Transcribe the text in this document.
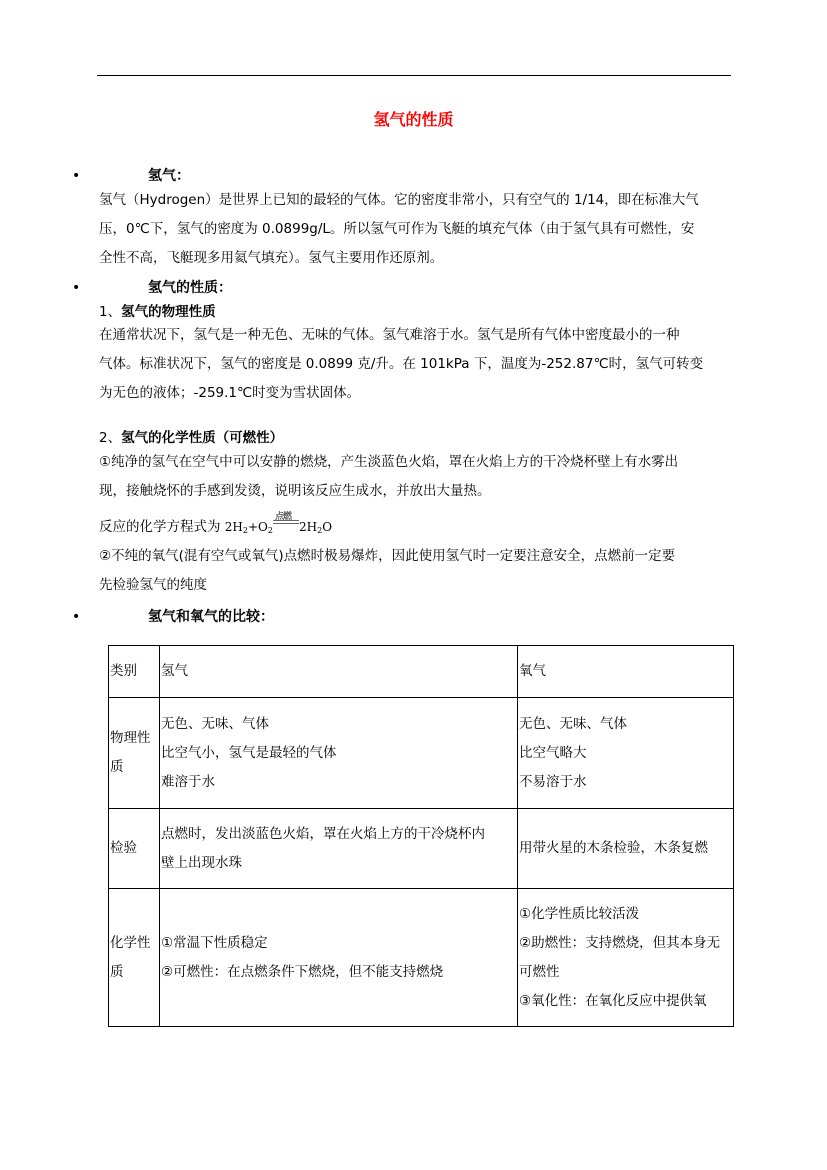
氢气的性质
•	氢气：
氢气（Hydrogen）是世界上已知的最轻的气体。它的密度非常小，只有空气的 1/14，即在标准大气
压，0℃下，氢气的密度为 0.0899g/L。所以氢气可作为飞艇的填充气体（由于氢气具有可燃性，安
全性不高，飞艇现多用氦气填充）。氢气主要用作还原剂。
•	氢气的性质：
1、氢气的物理性质
在通常状况下，氢气是一种无色、无味的气体。氢气难溶于水。氢气是所有气体中密度最小的一种
气体。标准状况下，氢气的密度是 0.0899 克/升。在 101kPa 下，温度为-252.87℃时，氢气可转变
为无色的液体；-259.1℃时变为雪状固体。
2、氢气的化学性质（可燃性）
①纯净的氢气在空气中可以安静的燃烧，产生淡蓝色火焰，罩在火焰上方的干冷烧杯壁上有水雾出
现，接触烧怀的手感到发烫，说明该反应生成水，并放出大量热。
反应的化学方程式为 $2H_2+O_2$
点燃
$2H_2O$
②不纯的氧气(混有空气或氧气)点燃时极易爆炸，因此使用氢气时一定要注意安全，点燃前一定要
先检验氢气的纯度
•	氢气和氧气的比较：
类别	氢气	氧气

物理性
质	无色、无味、气体
比空气小，氢气是最轻的气体
难溶于水	无色、无味、气体
比空气略大
不易溶于水

检验	点燃时，发出淡蓝色火焰，罩在火焰上方的干冷烧杯内
壁上出现水珠	用带火星的木条检验，木条复燃

化学性
质	①常温下性质稳定
②可燃性：在点燃条件下燃烧，但不能支持燃烧	①化学性质比较活泼
②助燃性：支持燃烧，但其本身无
可燃性
③氧化性：在氧化反应中提供氧
